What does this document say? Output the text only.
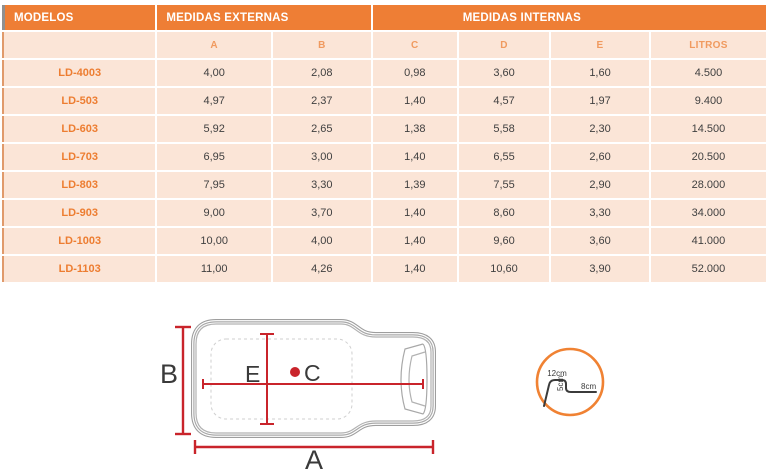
MODELOS	MEDIDAS EXTERNAS		MEDIDAS INTERNAS			
	A	B	C	D	E	LITROS
LD-4003	4,00	2,08	0,98	3,60	1,60	4.500
LD-503	4,97	2,37	1,40	4,57	1,97	9.400
LD-603	5,92	2,65	1,38	5,58	2,30	14.500
LD-703	6,95	3,00	1,40	6,55	2,60	20.500
LD-803	7,95	3,30	1,39	7,55	2,90	28.000
LD-903	9,00	3,70	1,40	8,60	3,30	34.000
LD-1003	10,00	4,00	1,40	9,60	3,60	41.000
LD-1103	11,00	4,26	1,40	10,60	3,90	52.000
B
A
E C	12cm
8cm
5cm
